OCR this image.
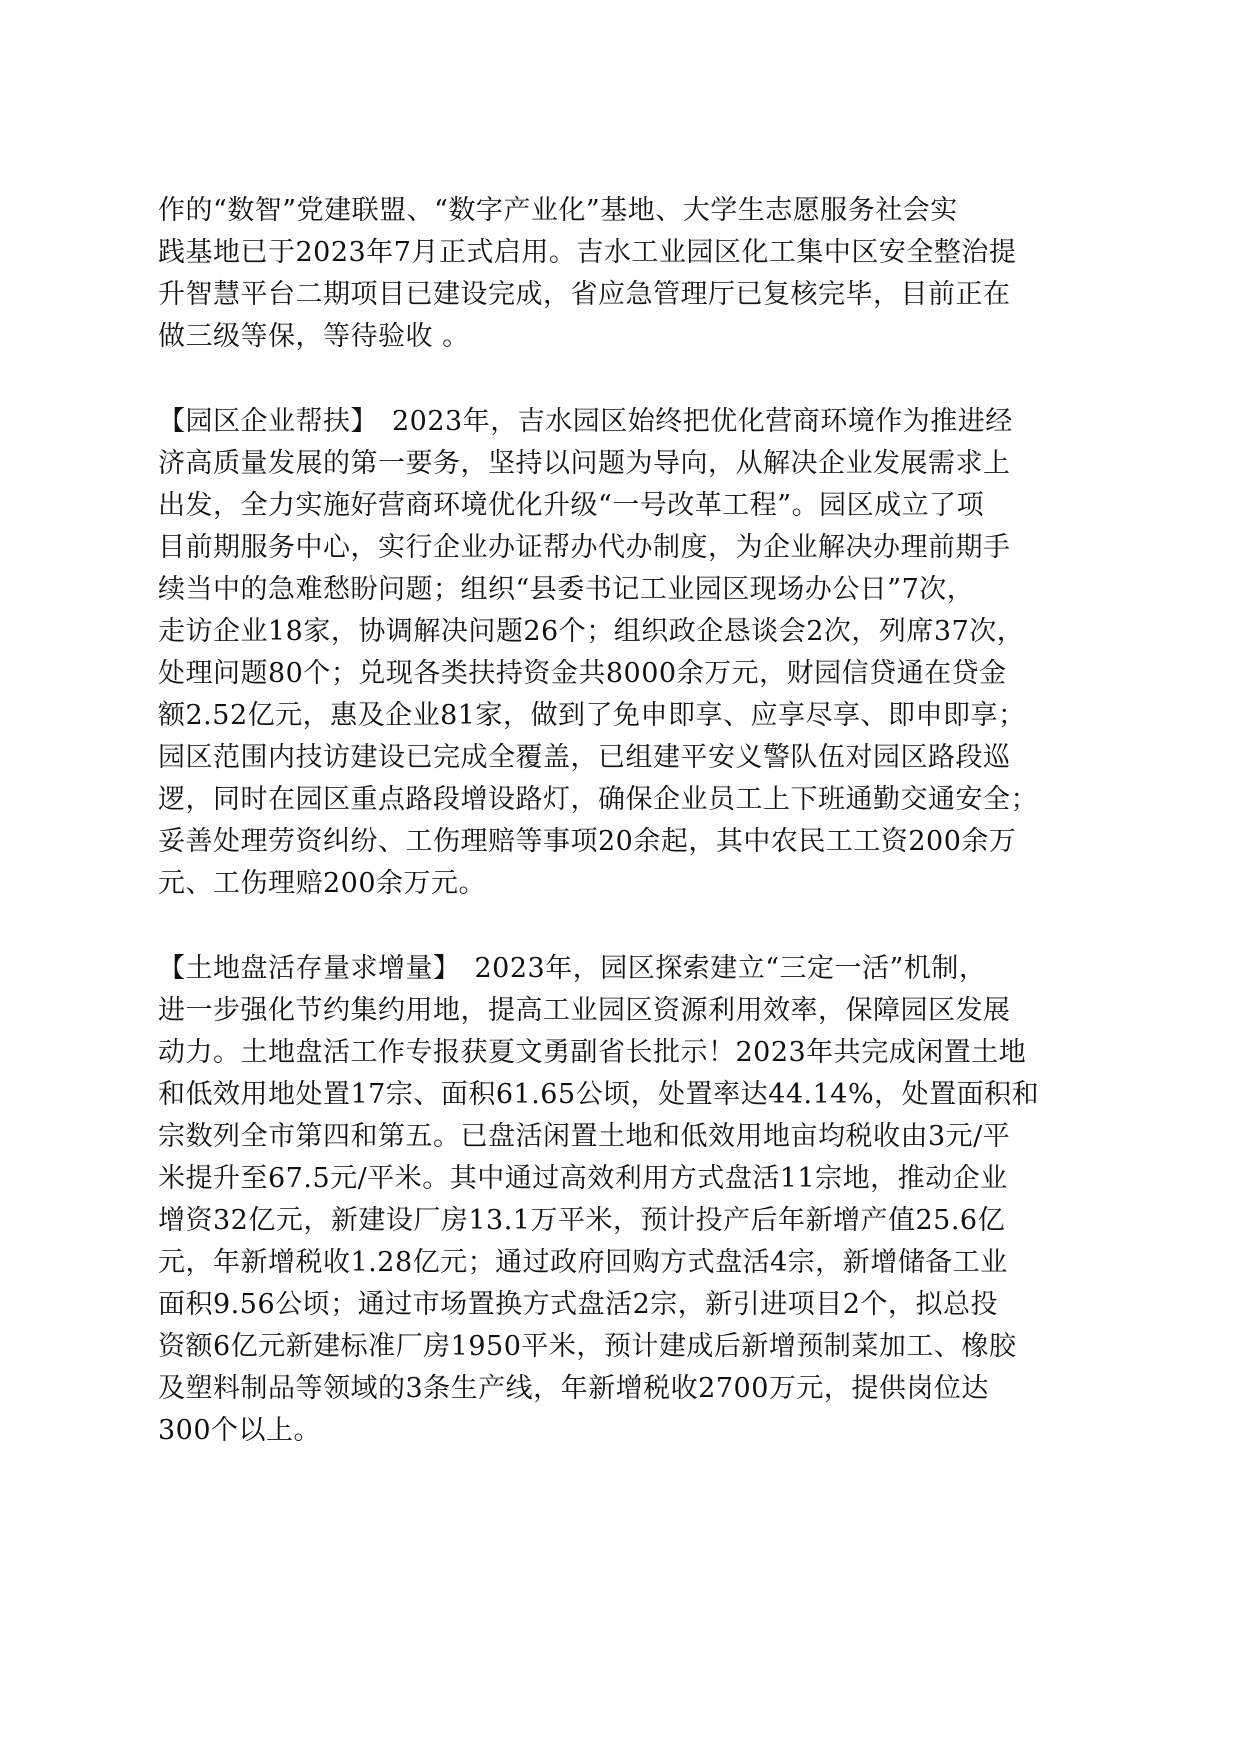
作的“数智”党建联盟、“数字产业化”基地、大学生志愿服务社会实
践基地已于2023年7月正式启用。吉水工业园区化工集中区安全整治提
升智慧平台二期项目已建设完成，省应急管理厅已复核完毕，目前正在
做三级等保，等待验收 。
【园区企业帮扶】　2023年，吉水园区始终把优化营商环境作为推进经
济高质量发展的第一要务，坚持以问题为导向，从解决企业发展需求上
出发，全力实施好营商环境优化升级“一号改革工程”。园区成立了项
目前期服务中心，实行企业办证帮办代办制度，为企业解决办理前期手
续当中的急难愁盼问题；组织“县委书记工业园区现场办公日”7次，
走访企业18家，协调解决问题26个；组织政企恳谈会2次，列席37次，
处理问题80个；兑现各类扶持资金共8000余万元，财园信贷通在贷金
额2.52亿元，惠及企业81家，做到了免申即享、应享尽享、即申即享；
园区范围内技访建设已完成全覆盖，已组建平安义警队伍对园区路段巡
逻，同时在园区重点路段增设路灯，确保企业员工上下班通勤交通安全；
妥善处理劳资纠纷、工伤理赔等事项20余起，其中农民工工资200余万
元、工伤理赔200余万元。
【土地盘活存量求增量】　2023年，园区探索建立“三定一活”机制，
进一步强化节约集约用地，提高工业园区资源利用效率，保障园区发展
动力。土地盘活工作专报获夏文勇副省长批示！2023年共完成闲置土地
和低效用地处置17宗、面积61.65公顷，处置率达44.14%，处置面积和
宗数列全市第四和第五。已盘活闲置土地和低效用地亩均税收由3元/平
米提升至67.5元/平米。其中通过高效利用方式盘活11宗地，推动企业
增资32亿元，新建设厂房13.1万平米，预计投产后年新增产值25.6亿
元，年新增税收1.28亿元；通过政府回购方式盘活4宗，新增储备工业
面积9.56公顷；通过市场置换方式盘活2宗，新引进项目2个，拟总投
资额6亿元新建标准厂房1950平米，预计建成后新增预制菜加工、橡胶
及塑料制品等领域的3条生产线，年新增税收2700万元，提供岗位达
300个以上。
